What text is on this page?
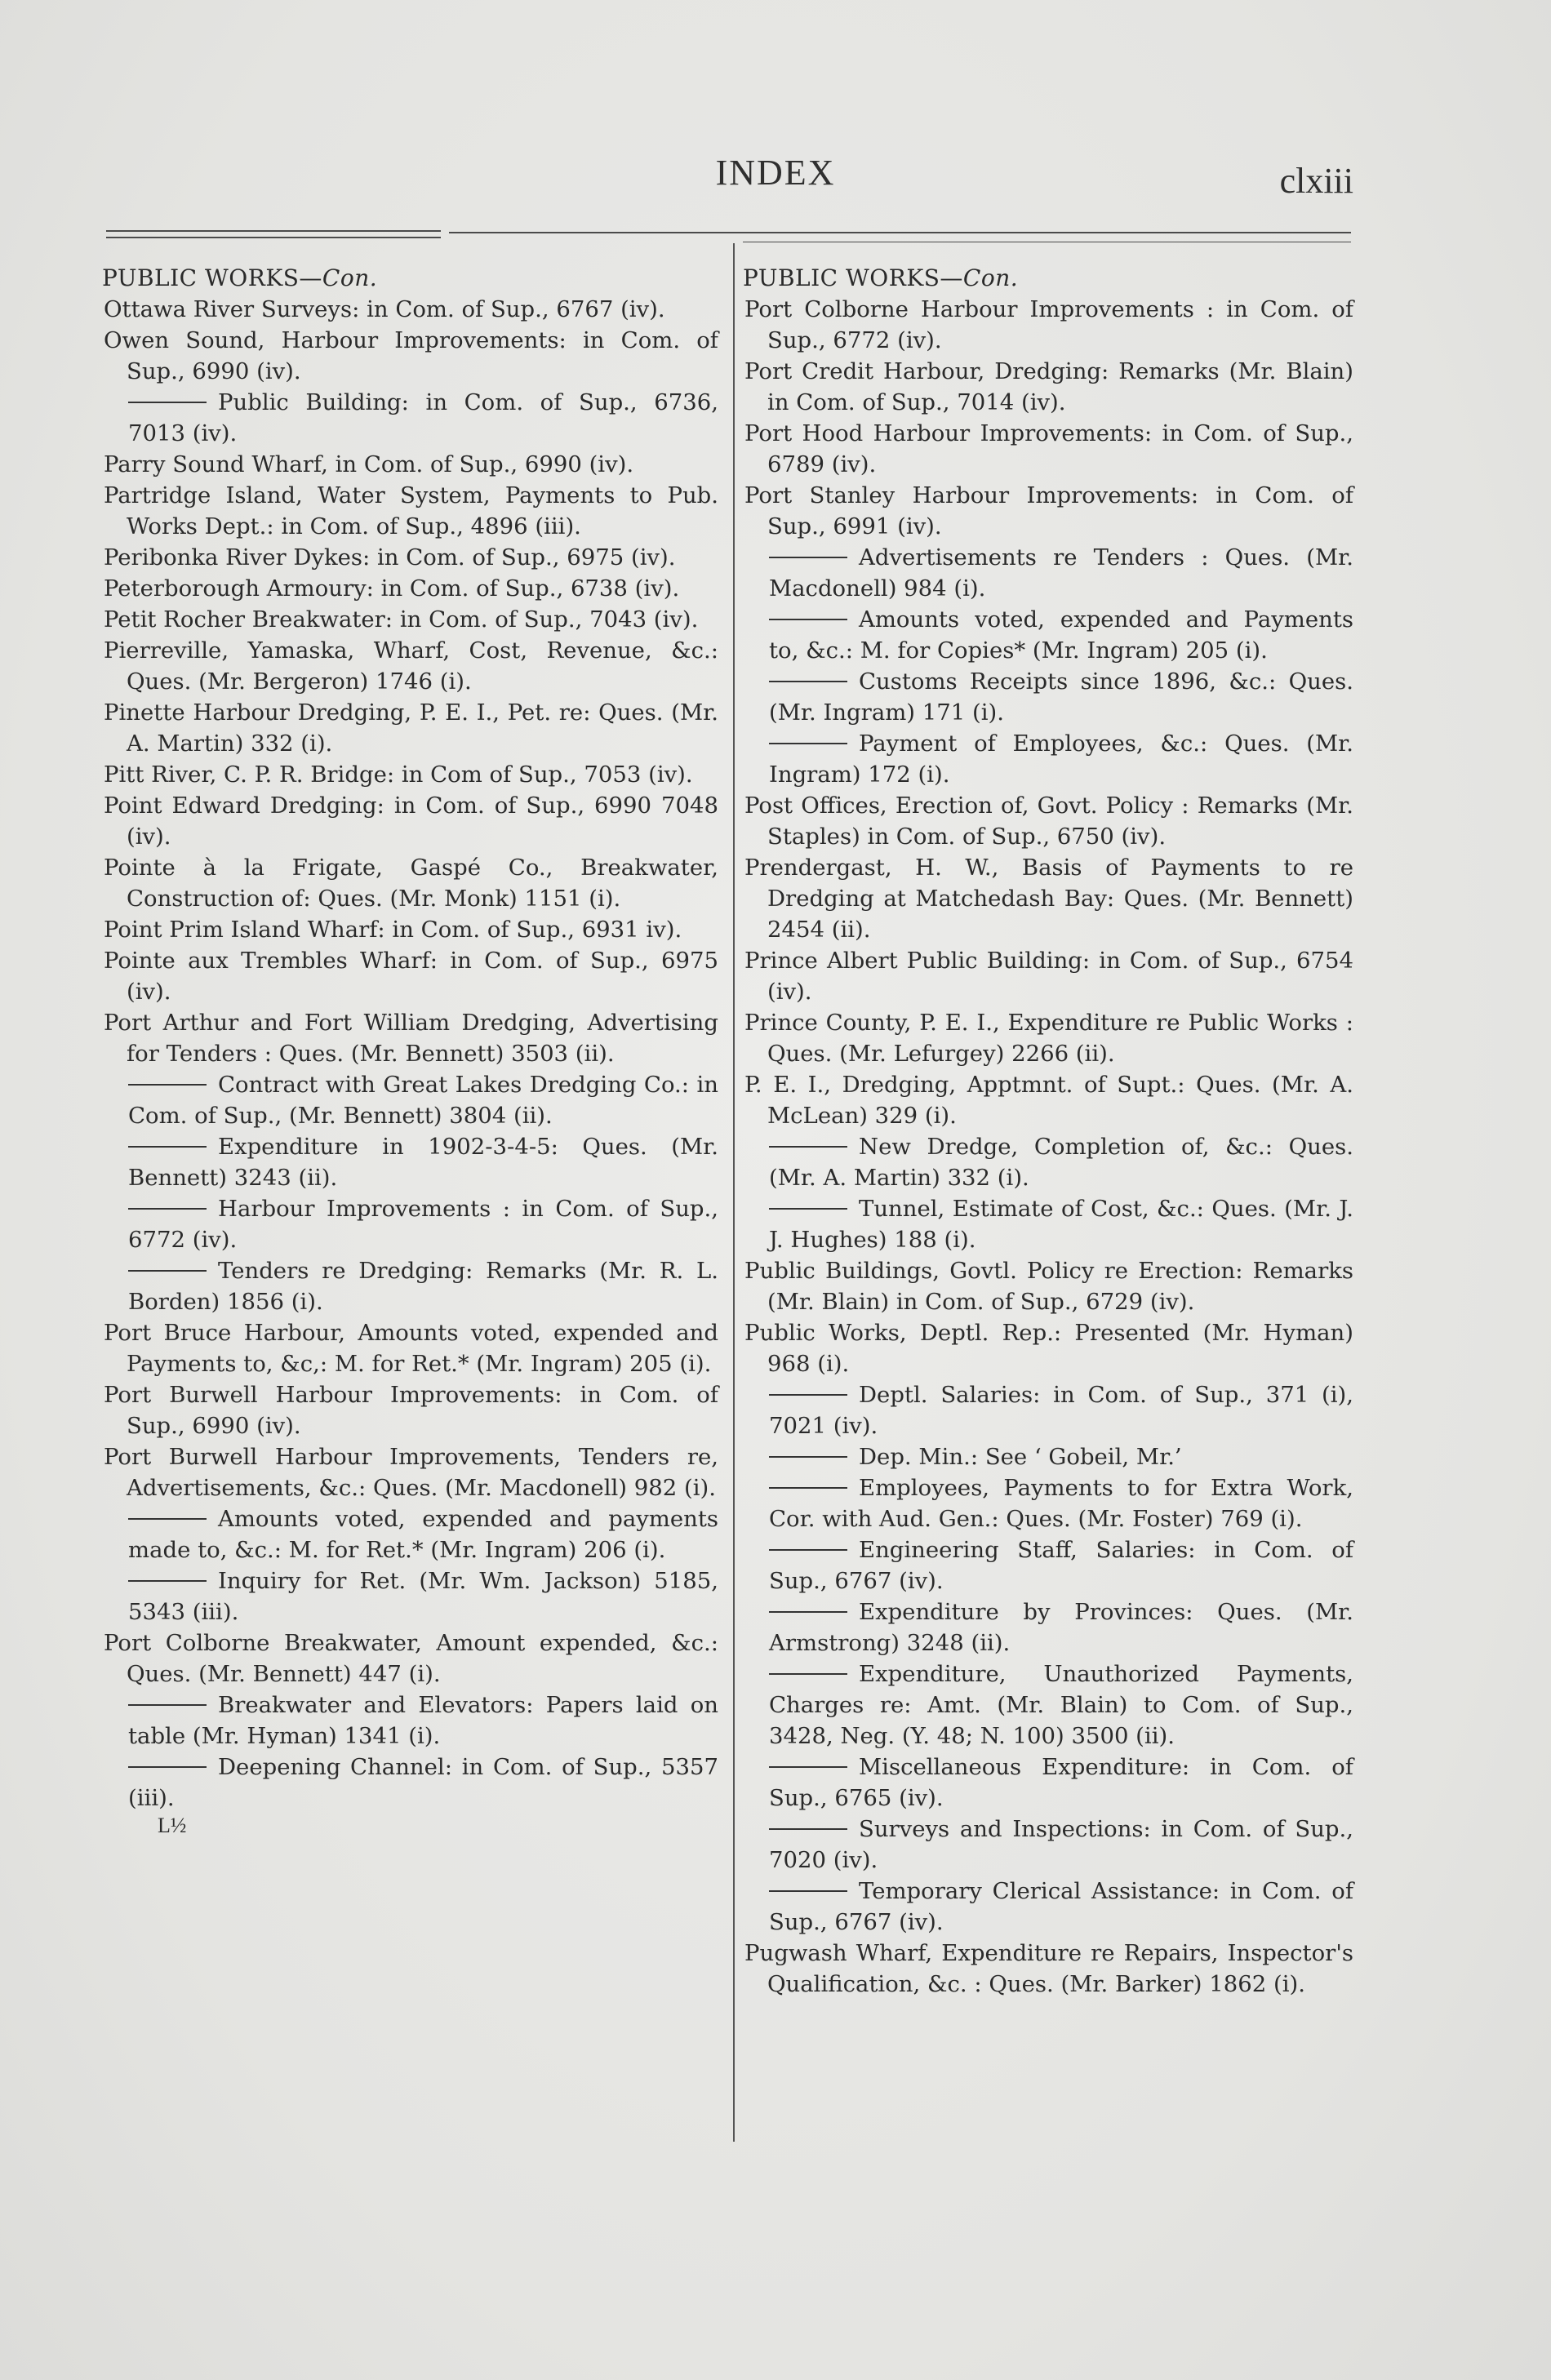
INDEX	clxiii
PUBLIC WORKS—Con.

Ottawa River Surveys: in Com. of Sup., 6767 (iv).

Owen Sound, Harbour Improvements: in Com. of Sup., 6990 (iv).

Public Building: in Com. of Sup., 6736, 7013 (iv).

Parry Sound Wharf, in Com. of Sup., 6990 (iv).

Partridge Island, Water System, Payments to Pub. Works Dept.: in Com. of Sup., 4896 (iii).

Peribonka River Dykes: in Com. of Sup., 6975 (iv).

Peterborough Armoury: in Com. of Sup., 6738 (iv).

Petit Rocher Breakwater: in Com. of Sup., 7043 (iv).

Pierreville, Yamaska, Wharf, Cost, Revenue, &c.: Ques. (Mr. Bergeron) 1746 (i).

Pinette Harbour Dredging, P. E. I., Pet. re: Ques. (Mr. A. Martin) 332 (i).

Pitt River, C. P. R. Bridge: in Com of Sup., 7053 (iv).

Point Edward Dredging: in Com. of Sup., 6990 7048 (iv).

Pointe à la Frigate, Gaspé Co., Breakwater, Construction of: Ques. (Mr. Monk) 1151 (i).

Point Prim Island Wharf: in Com. of Sup., 6931 iv).

Pointe aux Trembles Wharf: in Com. of Sup., 6975 (iv).

Port Arthur and Fort William Dredging, Advertising for Tenders : Ques. (Mr. Bennett) 3503 (ii).

Contract with Great Lakes Dredging Co.: in Com. of Sup., (Mr. Bennett) 3804 (ii).

Expenditure in 1902-3-4-5: Ques. (Mr. Bennett) 3243 (ii).

Harbour Improvements : in Com. of Sup., 6772 (iv).

Tenders re Dredging: Remarks (Mr. R. L. Borden) 1856 (i).

Port Bruce Harbour, Amounts voted, expended and Payments to, &c,: M. for Ret.* (Mr. Ingram) 205 (i).

Port Burwell Harbour Improvements: in Com. of Sup., 6990 (iv).

Port Burwell Harbour Improvements, Tenders re, Advertisements, &c.: Ques. (Mr. Macdonell) 982 (i).

Amounts voted, expended and payments made to, &c.: M. for Ret.* (Mr. Ingram) 206 (i).

Inquiry for Ret. (Mr. Wm. Jackson) 5185, 5343 (iii).

Port Colborne Breakwater, Amount expended, &c.: Ques. (Mr. Bennett) 447 (i).

Breakwater and Elevators: Papers laid on table (Mr. Hyman) 1341 (i).

Deepening Channel: in Com. of Sup., 5357 (iii).

L½
PUBLIC WORKS—Con.

Port Colborne Harbour Improvements : in Com. of Sup., 6772 (iv).

Port Credit Harbour, Dredging: Remarks (Mr. Blain) in Com. of Sup., 7014 (iv).

Port Hood Harbour Improvements: in Com. of Sup., 6789 (iv).

Port Stanley Harbour Improvements: in Com. of Sup., 6991 (iv).

Advertisements re Tenders : Ques. (Mr. Macdonell) 984 (i).

Amounts voted, expended and Payments to, &c.: M. for Copies* (Mr. Ingram) 205 (i).

Customs Receipts since 1896, &c.: Ques. (Mr. Ingram) 171 (i).

Payment of Employees, &c.: Ques. (Mr. Ingram) 172 (i).

Post Offices, Erection of, Govt. Policy : Remarks (Mr. Staples) in Com. of Sup., 6750 (iv).

Prendergast, H. W., Basis of Payments to re Dredging at Matchedash Bay: Ques. (Mr. Bennett) 2454 (ii).

Prince Albert Public Building: in Com. of Sup., 6754 (iv).

Prince County, P. E. I., Expenditure re Public Works : Ques. (Mr. Lefurgey) 2266 (ii).

P. E. I., Dredging, Apptmnt. of Supt.: Ques. (Mr. A. McLean) 329 (i).

New Dredge, Completion of, &c.: Ques. (Mr. A. Martin) 332 (i).

Tunnel, Estimate of Cost, &c.: Ques. (Mr. J. J. Hughes) 188 (i).

Public Buildings, Govtl. Policy re Erection: Remarks (Mr. Blain) in Com. of Sup., 6729 (iv).

Public Works, Deptl. Rep.: Presented (Mr. Hyman) 968 (i).

Deptl. Salaries: in Com. of Sup., 371 (i), 7021 (iv).

Dep. Min.: See ‘ Gobeil, Mr.’

Employees, Payments to for Extra Work, Cor. with Aud. Gen.: Ques. (Mr. Foster) 769 (i).

Engineering Staff, Salaries: in Com. of Sup., 6767 (iv).

Expenditure by Provinces: Ques. (Mr. Armstrong) 3248 (ii).

Expenditure, Unauthorized Payments, Charges re: Amt. (Mr. Blain) to Com. of Sup., 3428, Neg. (Y. 48; N. 100) 3500 (ii).

Miscellaneous Expenditure: in Com. of Sup., 6765 (iv).

Surveys and Inspections: in Com. of Sup., 7020 (iv).

Temporary Clerical Assistance: in Com. of Sup., 6767 (iv).

Pugwash Wharf, Expenditure re Repairs, Inspector's Qualification, &c. : Ques. (Mr. Barker) 1862 (i).
